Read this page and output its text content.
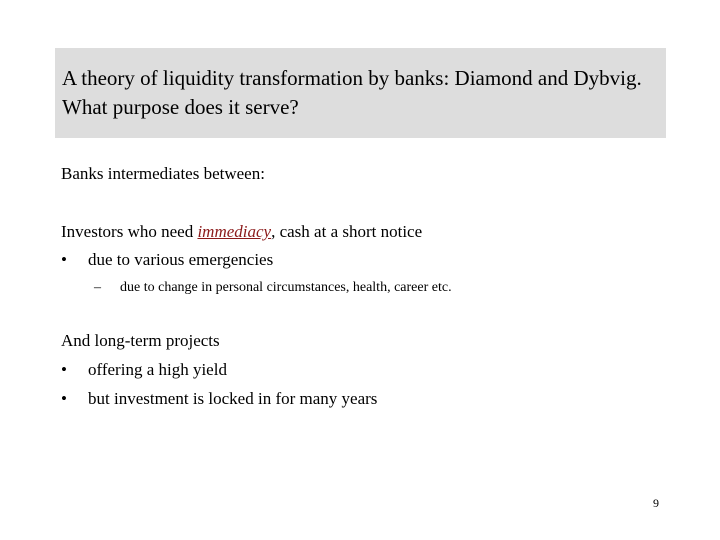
A theory of liquidity transformation by banks: Diamond and Dybvig. What purpose does it serve?
Banks intermediates between:
Investors who need immediacy, cash at a short notice
• due to various emergencies
– due to change in personal circumstances, health, career etc.
And long-term projects
• offering a high yield
• but investment is locked in for many years
9
